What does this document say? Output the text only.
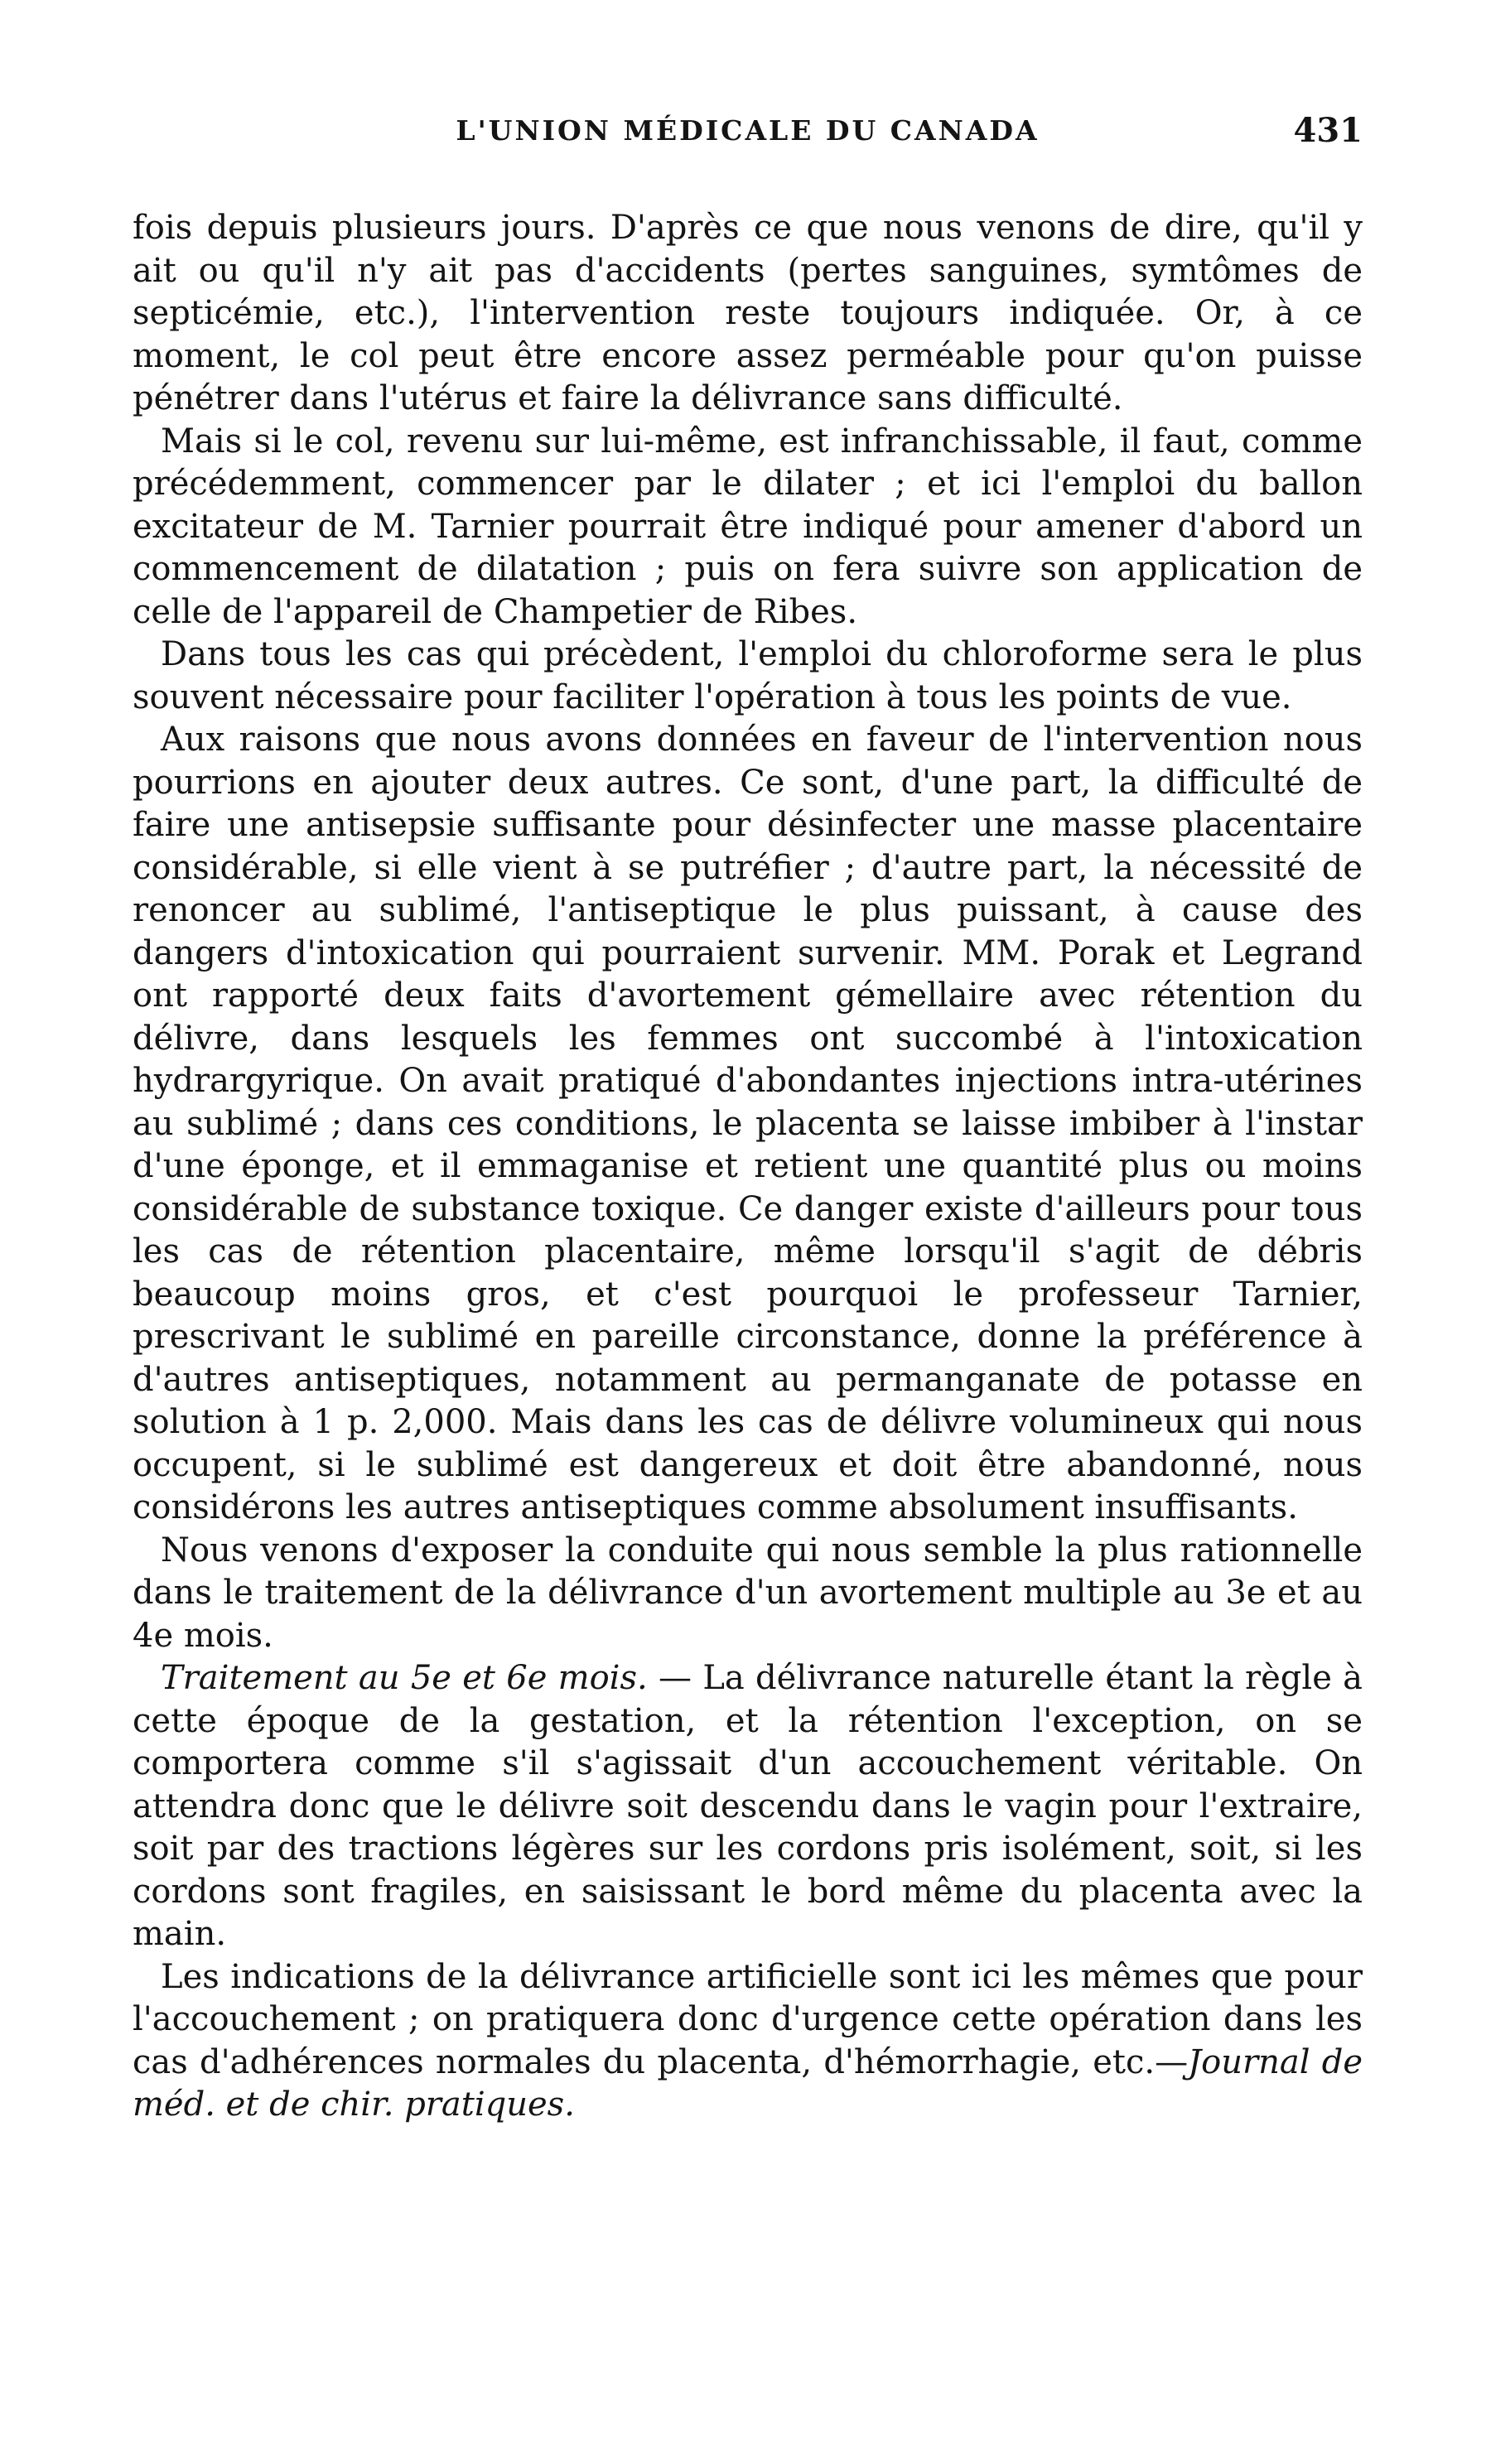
L'UNION MÉDICALE DU CANADA	431

fois depuis plusieurs jours. D'après ce que nous venons de dire, qu'il y ait ou qu'il n'y ait pas d'accidents (pertes sanguines, symtômes de septicémie, etc.), l'intervention reste toujours indiquée. Or, à ce moment, le col peut être encore assez perméable pour qu'on puisse pénétrer dans l'utérus et faire la délivrance sans difficulté.

Mais si le col, revenu sur lui-même, est infranchissable, il faut, comme précédemment, commencer par le dilater ; et ici l'emploi du ballon excitateur de M. Tarnier pourrait être indiqué pour amener d'abord un commencement de dilatation ; puis on fera suivre son application de celle de l'appareil de Champetier de Ribes.

Dans tous les cas qui précèdent, l'emploi du chloroforme sera le plus souvent nécessaire pour faciliter l'opération à tous les points de vue.

Aux raisons que nous avons données en faveur de l'intervention nous pourrions en ajouter deux autres. Ce sont, d'une part, la difficulté de faire une antisepsie suffisante pour désinfecter une masse placentaire considérable, si elle vient à se putréfier ; d'autre part, la nécessité de renoncer au sublimé, l'antiseptique le plus puissant, à cause des dangers d'intoxication qui pourraient survenir. MM. Porak et Legrand ont rapporté deux faits d'avortement gémellaire avec rétention du délivre, dans lesquels les femmes ont succombé à l'intoxication hydrargyrique. On avait pratiqué d'abondantes injections intra-utérines au sublimé ; dans ces conditions, le placenta se laisse imbiber à l'instar d'une éponge, et il emmaganise et retient une quantité plus ou moins considérable de substance toxique. Ce danger existe d'ailleurs pour tous les cas de rétention placentaire, même lorsqu'il s'agit de débris beaucoup moins gros, et c'est pourquoi le professeur Tarnier, prescrivant le sublimé en pareille circonstance, donne la préférence à d'autres antiseptiques, notamment au permanganate de potasse en solution à 1 p. 2,000. Mais dans les cas de délivre volumineux qui nous occupent, si le sublimé est dangereux et doit être abandonné, nous considérons les autres antiseptiques comme absolument insuffisants.

Nous venons d'exposer la conduite qui nous semble la plus rationnelle dans le traitement de la délivrance d'un avortement multiple au 3e et au 4e mois.

Traitement au 5e et 6e mois. — La délivrance naturelle étant la règle à cette époque de la gestation, et la rétention l'exception, on se comportera comme s'il s'agissait d'un accouchement véritable. On attendra donc que le délivre soit descendu dans le vagin pour l'extraire, soit par des tractions légères sur les cordons pris isolément, soit, si les cordons sont fragiles, en saisissant le bord même du placenta avec la main.

Les indications de la délivrance artificielle sont ici les mêmes que pour l'accouchement ; on pratiquera donc d'urgence cette opération dans les cas d'adhérences normales du placenta, d'hémorrhagie, etc.—Journal de méd. et de chir. pratiques.
